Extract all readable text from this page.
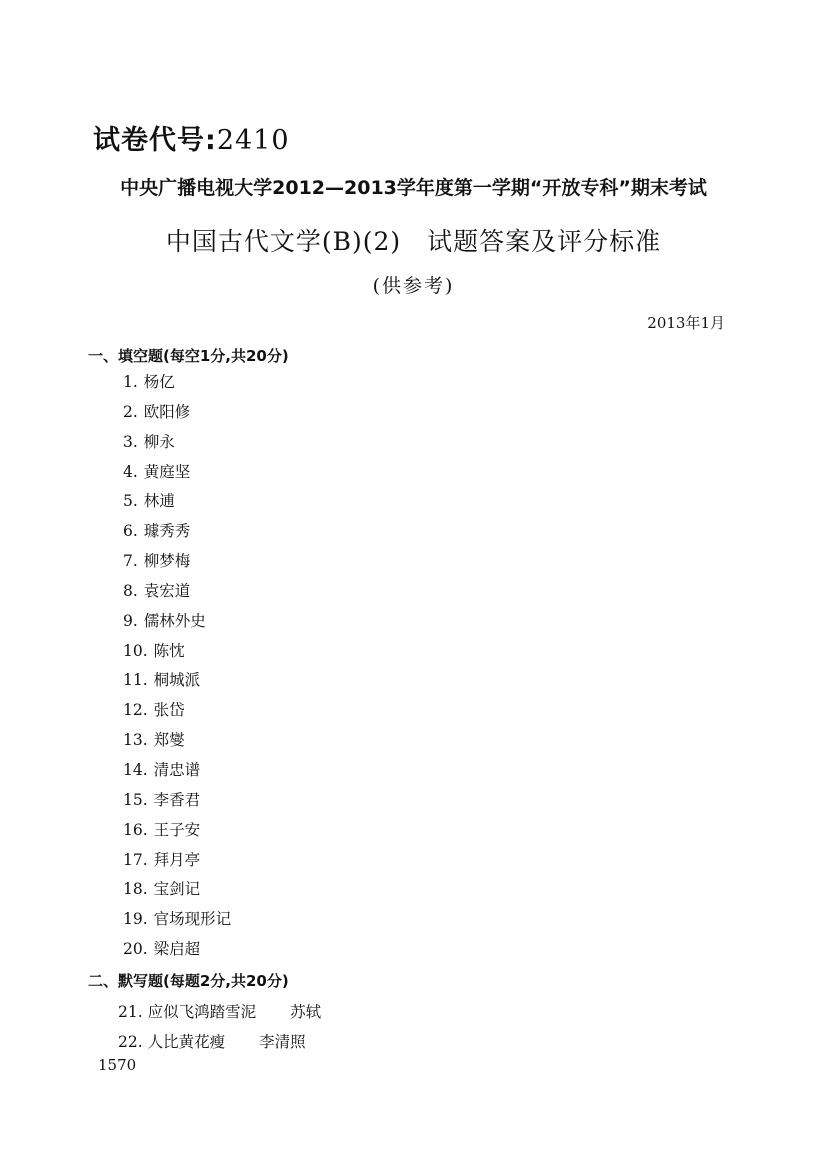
试卷代号:2410
中央广播电视大学2012—2013学年度第一学期“开放专科”期末考试
中国古代文学(B)(2)　试题答案及评分标准
(供参考)
2013年1月
一、填空题(每空1分,共20分)
1. 杨亿
2. 欧阳修
3. 柳永
4. 黄庭坚
5. 林逋
6. 璩秀秀
7. 柳梦梅
8. 袁宏道
9. 儒林外史
10. 陈忱
11. 桐城派
12. 张岱
13. 郑燮
14. 清忠谱
15. 李香君
16. 王子安
17. 拜月亭
18. 宝剑记
19. 官场现形记
20. 梁启超
二、默写题(每题2分,共20分)
21. 应似飞鸿踏雪泥 苏轼
22. 人比黄花瘦 李清照
1570
